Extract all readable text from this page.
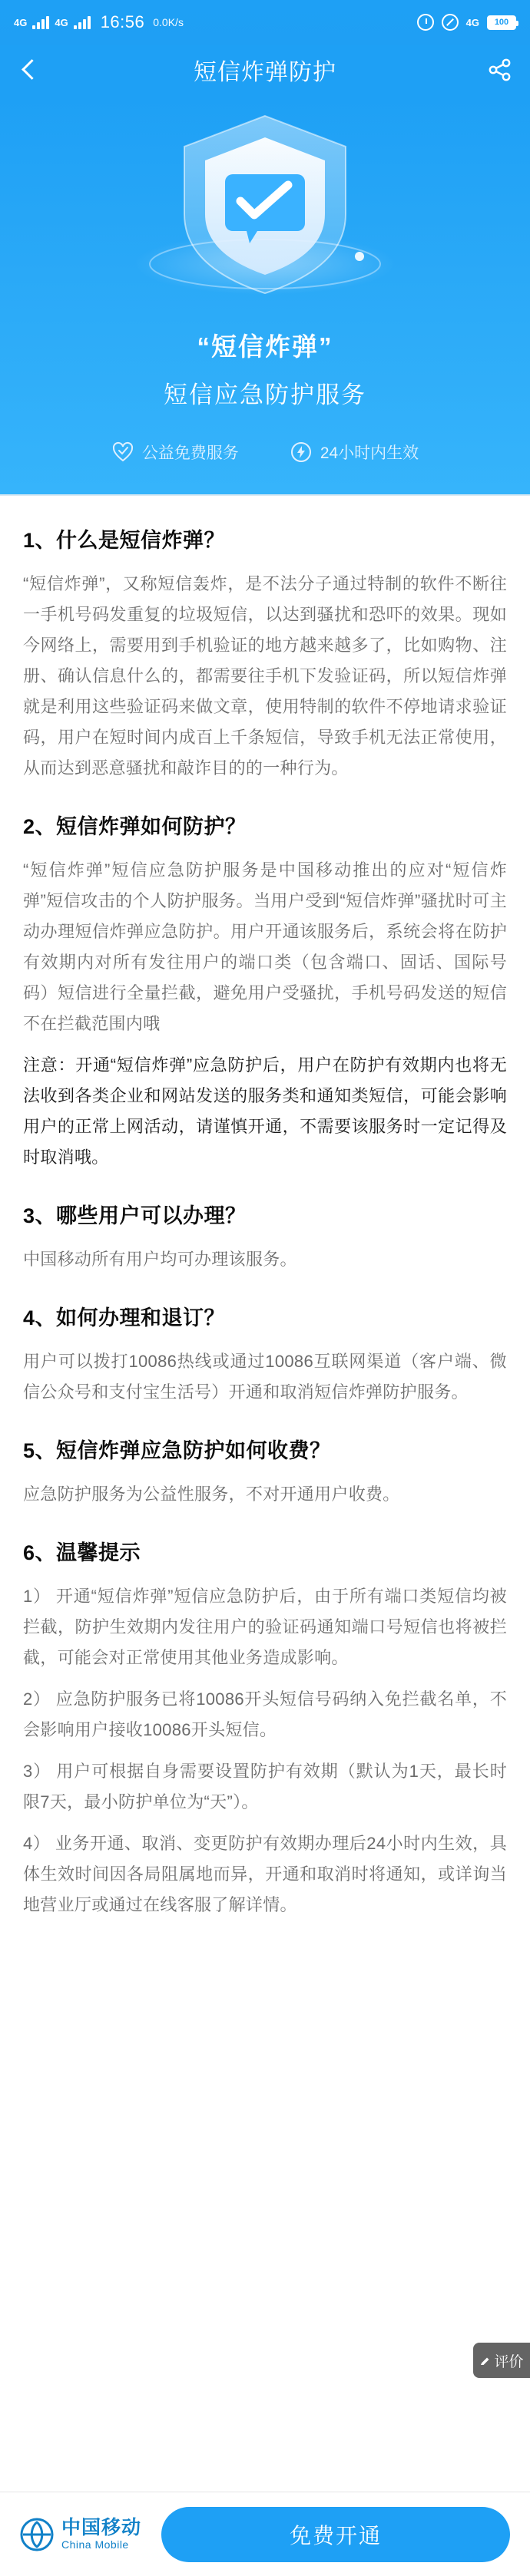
4G	4G 16:56 0.0K/s	4G	100
短信炸弹防护
“短信炸弹”
短信应急防护服务
公益免费服务	24小时内生效
1、什么是短信炸弹？
“短信炸弹”，又称短信轰炸，是不法分子通过特制的软件不断往一手机号码发重复的垃圾短信，以达到骚扰和恐吓的效果。现如今网络上，需要用到手机验证的地方越来越多了，比如购物、注册、确认信息什么的，都需要往手机下发验证码，所以短信炸弹就是利用这些验证码来做文章，使用特制的软件不停地请求验证码，用户在短时间内成百上千条短信，导致手机无法正常使用，从而达到恶意骚扰和敲诈目的的一种行为。
2、短信炸弹如何防护？
“短信炸弹”短信应急防护服务是中国移动推出的应对“短信炸弹”短信攻击的个人防护服务。当用户受到“短信炸弹”骚扰时可主动办理短信炸弹应急防护。用户开通该服务后，系统会将在防护有效期内对所有发往用户的端口类（包含端口、固话、国际号码）短信进行全量拦截，避免用户受骚扰，手机号码发送的短信不在拦截范围内哦
注意：开通“短信炸弹”应急防护后，用户在防护有效期内也将无法收到各类企业和网站发送的服务类和通知类短信，可能会影响用户的正常上网活动，请谨慎开通，不需要该服务时一定记得及时取消哦。
3、哪些用户可以办理？
中国移动所有用户均可办理该服务。
4、如何办理和退订？
用户可以拨打10086热线或通过10086互联网渠道（客户端、微信公众号和支付宝生活号）开通和取消短信炸弹防护服务。
5、短信炸弹应急防护如何收费？
应急防护服务为公益性服务，不对开通用户收费。
6、温馨提示
1） 开通“短信炸弹”短信应急防护后，由于所有端口类短信均被拦截，防护生效期内发往用户的验证码通知端口号短信也将被拦截，可能会对正常使用其他业务造成影响。
2） 应急防护服务已将10086开头短信号码纳入免拦截名单，不会影响用户接收10086开头短信。
3） 用户可根据自身需要设置防护有效期（默认为1天，最长时限7天，最小防护单位为“天”）。
4） 业务开通、取消、变更防护有效期办理后24小时内生效，具体生效时间因各局阻属地而异，开通和取消时将通知，或详询当地营业厅或通过在线客服了解详情。
评价
中国移动
China Mobile	免费开通
